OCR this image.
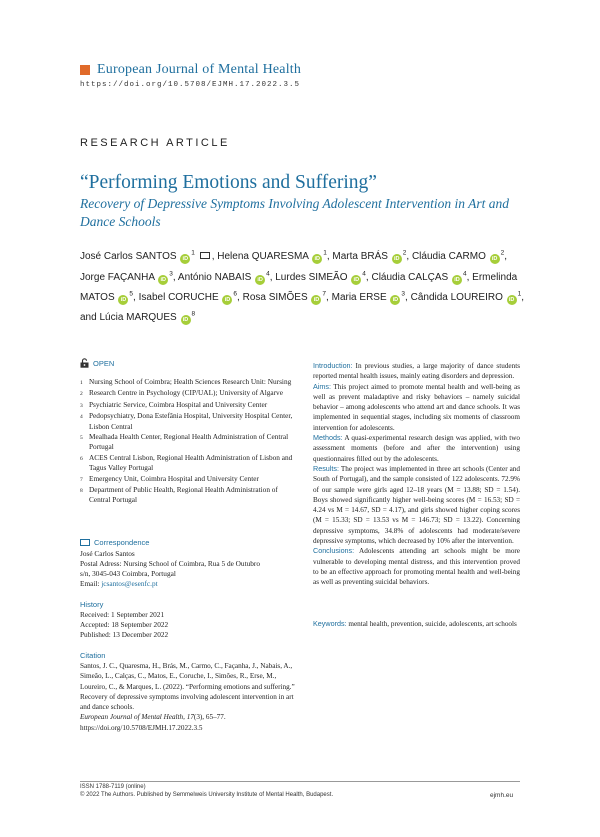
European Journal of Mental Health
https://doi.org/10.5708/EJMH.17.2022.3.5
RESEARCH ARTICLE
“Performing Emotions and Suffering”
Recovery of Depressive Symptoms Involving Adolescent Intervention in Art and Dance Schools
José Carlos SANTOS $iD^1$ , Helena QUARESMA $iD^1$, Marta BRÁS $iD^2$, Cláudia CARMO $iD^2$, Jorge FAÇANHA $iD^3$, António NABAIS $iD^4$, Lurdes SIMEÃO $iD^4$, Cláudia CALÇAS $iD^4$, Ermelinda MATOS $iD^5$, Isabel CORUCHE $iD^6$, Rosa SIMÕES $iD^7$, Maria ERSE $iD^3$, Cândida LOUREIRO $iD^1$, and Lúcia MARQUES $iD^8$
OPEN
1 Nursing School of Coimbra; Health Sciences Research Unit: Nursing
2 Research Centre in Psychology (CIP/UAL); University of Algarve
3 Psychiatric Service, Coimbra Hospital and University Center
4 Pedopsychiatry, Dona Estefânia Hospital, University Hospital Center, Lisbon Central
5 Mealhada Health Center, Regional Health Administration of Central Portugal
6 ACES Central Lisbon, Regional Health Administration of Lisbon and Tagus Valley Portugal
7 Emergency Unit, Coimbra Hospital and University Center
8 Department of Public Health, Regional Health Administration of Central Portugal
Correspondence
José Carlos Santos
Postal Adress: Nursing School of Coimbra, Rua 5 de Outubro
s/n, 3045-043 Coimbra, Portugal
Email: jcsantos@esenfc.pt
History
Received: 1 September 2021
Accepted: 18 September 2022
Published: 13 December 2022
Citation
Santos, J. C., Quaresma, H., Brás, M., Carmo, C., Façanha, J., Nabais, A., Simeão, L., Calças, C., Matos, E., Coruche, I., Simões, R., Erse, M., Loureiro, C., & Marques, L. (2022). “Performing emotions and suffering.” Recovery of depressive symptoms involving adolescent intervention in art and dance schools.
European Journal of Mental Health, 17(3), 65–77.
https://doi.org/10.5708/EJMH.17.2022.3.5

Introduction: In previous studies, a large majority of dance students reported mental health issues, mainly eating disorders and depression.

Aims: This project aimed to promote mental health and well-being as well as prevent maladaptive and risky behaviors – namely suicidal behavior – among adolescents who attend art and dance schools. It was implemented in sequential stages, including six moments of classroom intervention for adolescents.

Methods: A quasi-experimental research design was applied, with two assessment moments (before and after the intervention) using questionnaires filled out by the adolescents.

Results: The project was implemented in three art schools (Center and South of Portugal), and the sample consisted of 122 adolescents. 72.9% of our sample were girls aged 12–18 years (M = 13.88; SD = 1.54). Boys showed significantly higher well-being scores (M = 16.53; SD = 4.24 vs M = 14.67, SD = 4.17), and girls showed higher coping scores (M = 15.33; SD = 13.53 vs M = 146.73; SD = 13.22). Concerning depressive symptoms, 34.8% of adolescents had moderate/severe depressive symptoms, which decreased by 10% after the intervention.

Conclusions: Adolescents attending art schools might be more vulnerable to developing mental distress, and this intervention proved to be an effective approach for promoting mental health and well-being as well as preventing suicidal behaviors.

Keywords: mental health, prevention, suicide, adolescents, art schools
ISSN 1788-7119 (online)
© 2022 The Authors. Published by Semmelweis University Institute of Mental Health, Budapest.	ejmh.eu
